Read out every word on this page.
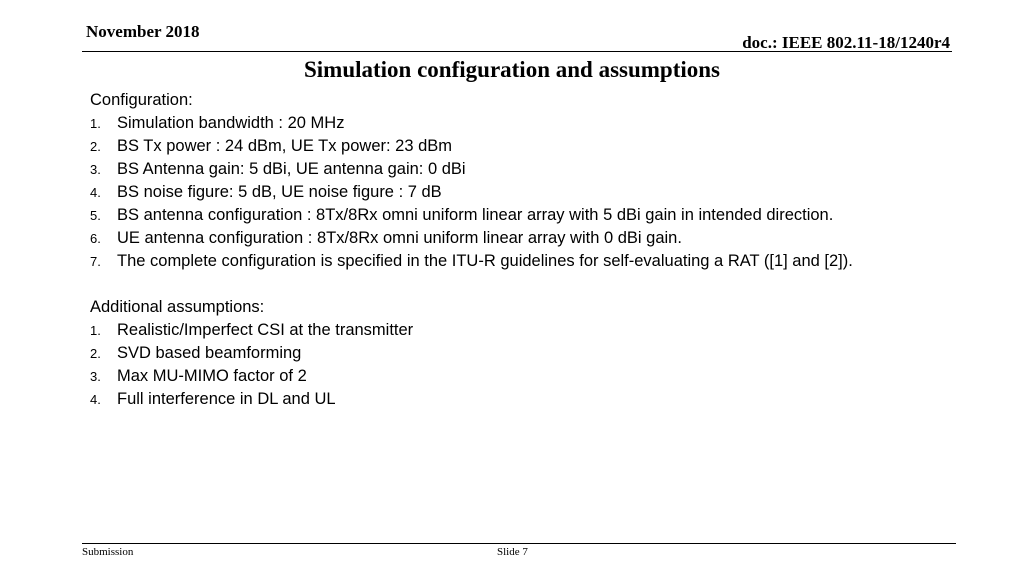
November 2018
doc.: IEEE 802.11-18/1240r4
Simulation configuration and assumptions
Configuration:
1. Simulation bandwidth : 20 MHz
2. BS Tx power : 24 dBm, UE Tx power: 23 dBm
3. BS Antenna gain: 5 dBi, UE antenna gain: 0 dBi
4. BS noise figure: 5 dB, UE noise figure : 7 dB
5. BS antenna configuration : 8Tx/8Rx omni uniform linear array with 5 dBi gain in intended direction.
6. UE antenna configuration : 8Tx/8Rx omni uniform linear array with 0 dBi gain.
7. The complete configuration is specified in the ITU-R guidelines for self-evaluating a RAT ([1] and [2]).
Additional assumptions:
1. Realistic/Imperfect CSI at the transmitter
2. SVD based beamforming
3. Max MU-MIMO factor of 2
4. Full interference in DL and UL
Submission	Slide 7
